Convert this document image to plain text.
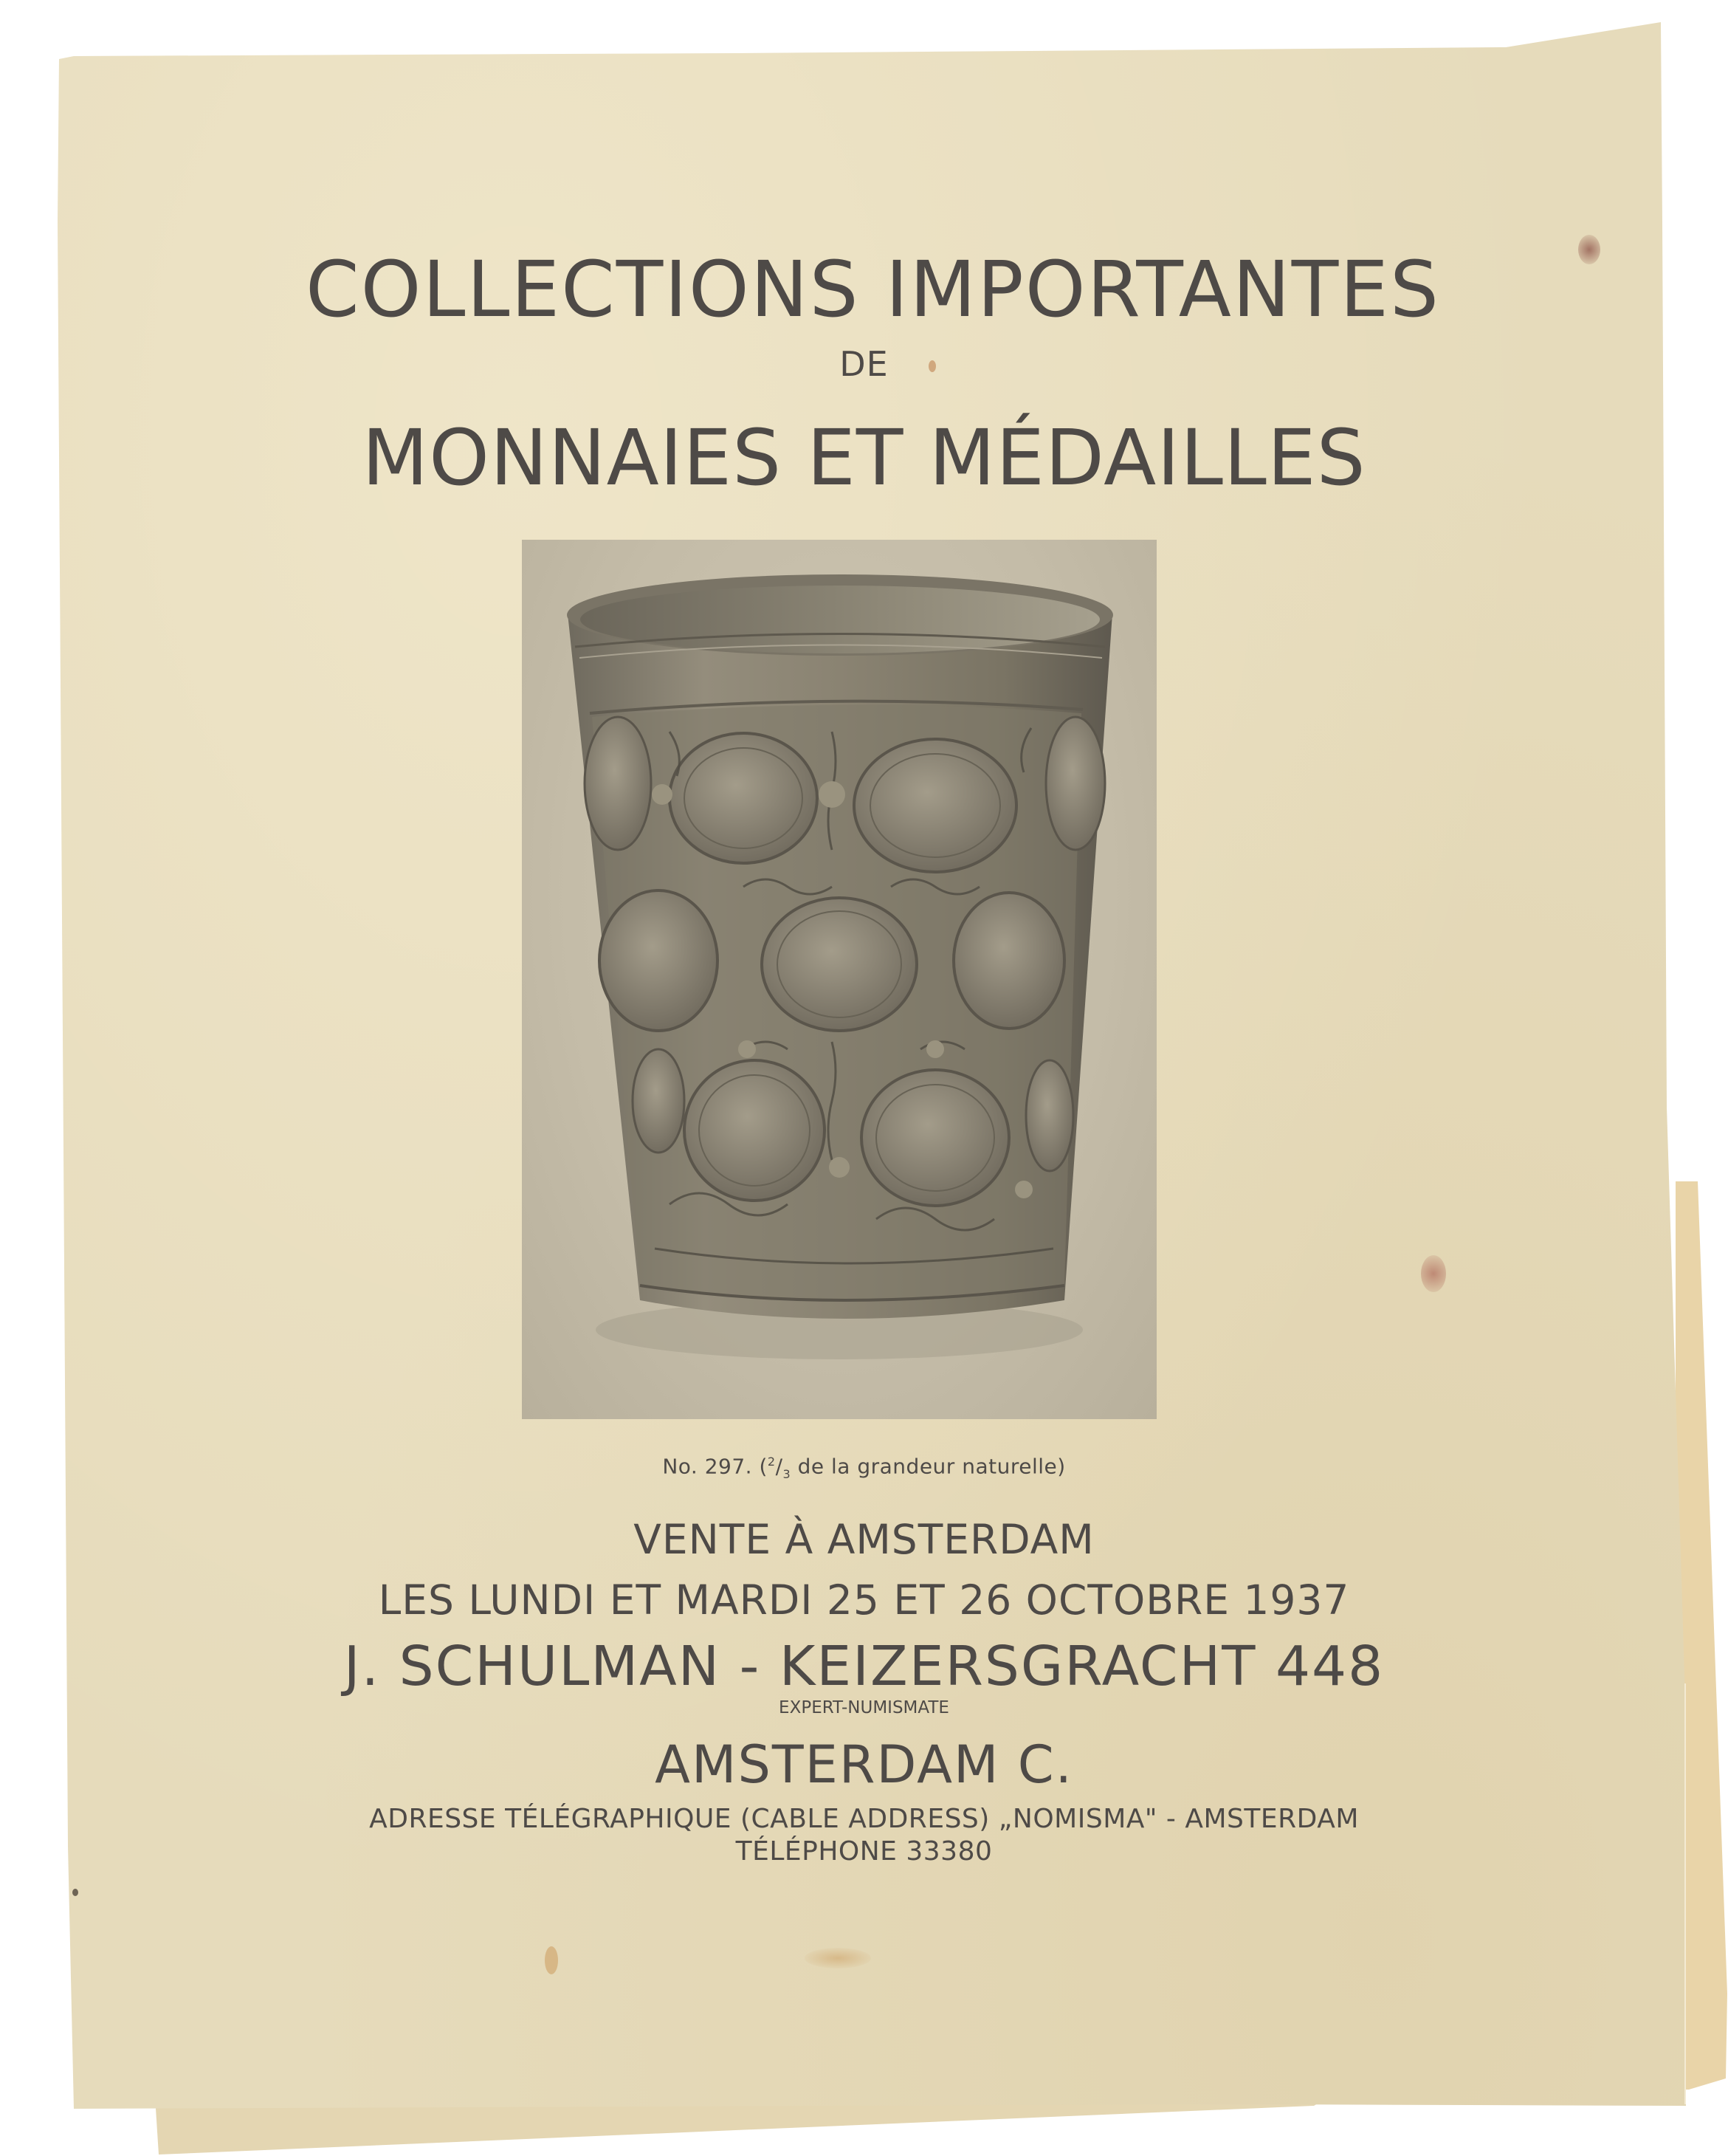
COLLECTIONS IMPORTANTES
DE
MONNAIES ET MÉDAILLES
No. 297. ($^2/_3$ de la grandeur naturelle)
VENTE À AMSTERDAM
LES LUNDI ET MARDI 25 ET 26 OCTOBRE 1937
J. SCHULMAN - KEIZERSGRACHT 448
EXPERT-NUMISMATE
AMSTERDAM C.
ADRESSE TÉLÉGRAPHIQUE (CABLE ADDRESS) „NOMISMA" - AMSTERDAM
TÉLÉPHONE 33380
